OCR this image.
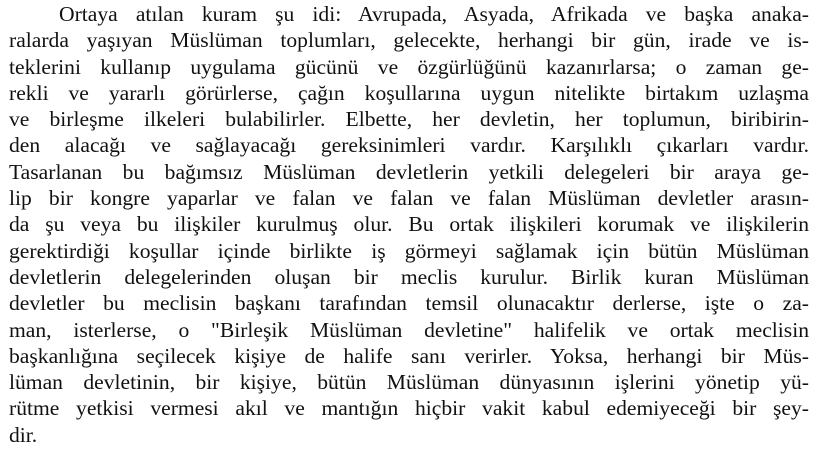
Ortaya atılan kuram şu idi: Avrupada, Asyada, Afrikada ve başka anaka-
ralarda yaşıyan Müslüman toplumları, gelecekte, herhangi bir gün, irade ve is-
teklerini kullanıp uygulama gücünü ve özgürlüğünü kazanırlarsa; o zaman ge-
rekli ve yararlı görürlerse, çağın koşullarına uygun nitelikte birtakım uzlaşma
ve birleşme ilkeleri bulabilirler. Elbette, her devletin, her toplumun, biribirin-
den alacağı ve sağlayacağı gereksinimleri vardır. Karşılıklı çıkarları vardır.
Tasarlanan bu bağımsız Müslüman devletlerin yetkili delegeleri bir araya ge-
lip bir kongre yaparlar ve falan ve falan ve falan Müslüman devletler arasın-
da şu veya bu ilişkiler kurulmuş olur. Bu ortak ilişkileri korumak ve ilişkilerin
gerektirdiği koşullar içinde birlikte iş görmeyi sağlamak için bütün Müslüman
devletlerin delegelerinden oluşan bir meclis kurulur. Birlik kuran Müslüman
devletler bu meclisin başkanı tarafından temsil olunacaktır derlerse, işte o za-
man, isterlerse, o "Birleşik Müslüman devletine" halifelik ve ortak meclisin
başkanlığına seçilecek kişiye de halife sanı verirler. Yoksa, herhangi bir Müs-
lüman devletinin, bir kişiye, bütün Müslüman dünyasının işlerini yönetip yü-
rütme yetkisi vermesi akıl ve mantığın hiçbir vakit kabul edemiyeceği bir şey-
dir.
